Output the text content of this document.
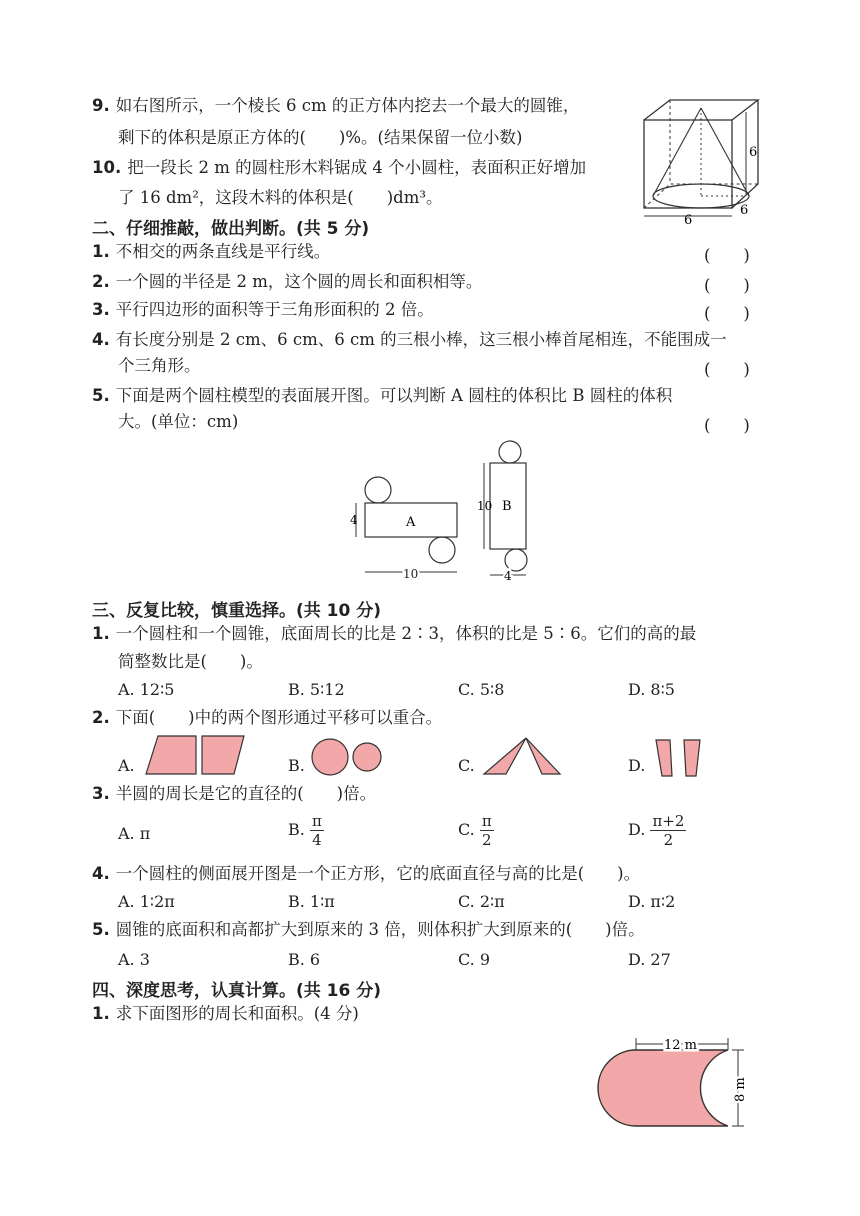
9. 如右图所示，一个棱长 6 cm 的正方体内挖去一个最大的圆锥，
剩下的体积是原正方体的(　　)%。(结果保留一位小数)
10. 把一段长 2 m 的圆柱形木料锯成 4 个小圆柱，表面积正好增加
了 16 dm²，这段木料的体积是(　　)dm³。
6
6
6
二、仔细推敲，做出判断。(共 5 分)
1. 不相交的两条直线是平行线。	(　　)
2. 一个圆的半径是 2 m，这个圆的周长和面积相等。	(　　)
3. 平行四边形的面积等于三角形面积的 2 倍。	(　　)
4. 有长度分别是 2 cm、6 cm、6 cm 的三根小棒，这三根小棒首尾相连，不能围成一
个三角形。	(　　)
5. 下面是两个圆柱模型的表面展开图。可以判断 A 圆柱的体积比 B 圆柱的体积
大。(单位：cm)	(　　)
A
4
10
B
10
4
三、反复比较，慎重选择。(共 10 分)
1. 一个圆柱和一个圆锥，底面周长的比是 2∶3，体积的比是 5∶6。它们的高的最
简整数比是(　　)。
A. 12∶5	B. 5∶12	C. 5∶8	D. 8∶5
2. 下面(　　)中的两个图形通过平移可以重合。
A.	B.	C.	D.
3. 半圆的周长是它的直径的(　　)倍。
A. π	B. $\frac{\pi}{4}$	C. $\frac{\pi}{2}$	D. $\frac{\pi+2}{2}$
4. 一个圆柱的侧面展开图是一个正方形，它的底面直径与高的比是(　　)。
A. 1∶2π	B. 1∶π	C. 2∶π	D. π∶2
5. 圆锥的底面积和高都扩大到原来的 3 倍，则体积扩大到原来的(　　)倍。
A. 3	B. 6	C. 9	D. 27
四、深度思考，认真计算。(共 16 分)
1. 求下面图形的周长和面积。(4 分)
12 m
8 m
